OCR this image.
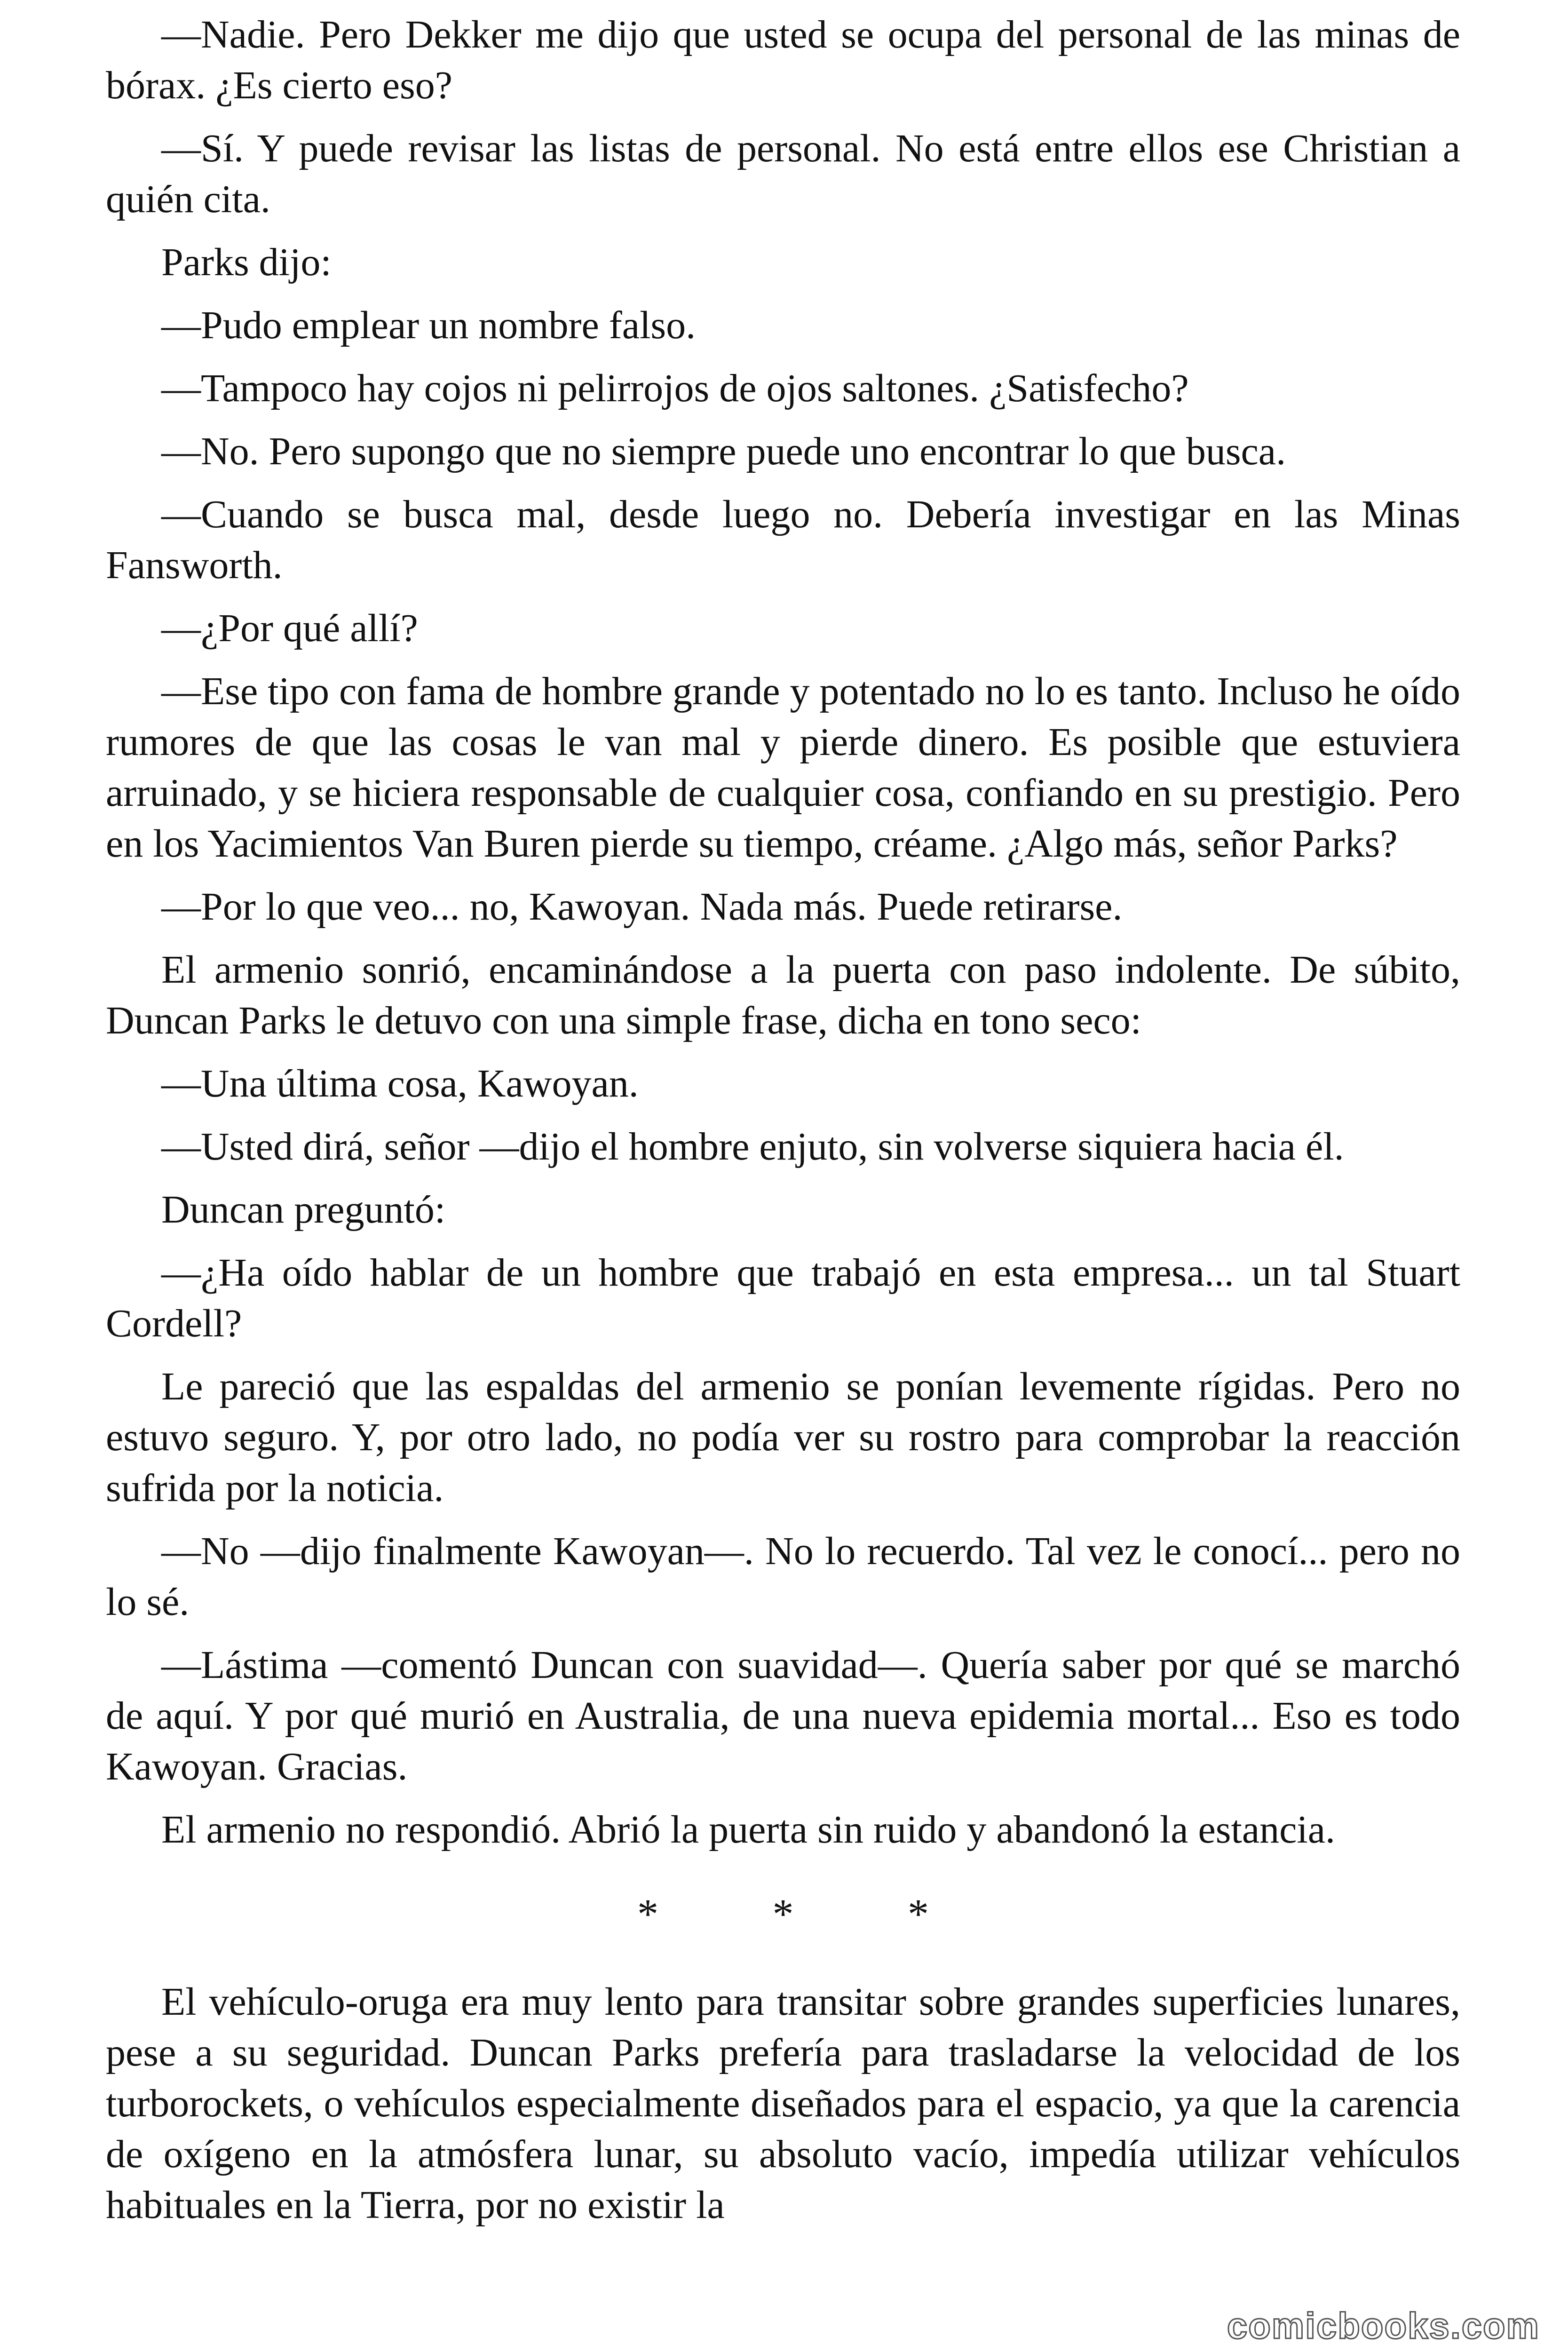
—Nadie. Pero Dekker me dijo que usted se ocupa del personal de las minas de bórax. ¿Es cierto eso?

—Sí. Y puede revisar las listas de personal. No está entre ellos ese Christian a quién cita.

Parks dijo:

—Pudo emplear un nombre falso.

—Tampoco hay cojos ni pelirrojos de ojos saltones. ¿Satisfecho?

—No. Pero supongo que no siempre puede uno encontrar lo que busca.

—Cuando se busca mal, desde luego no. Debería investigar en las Minas Fansworth.

—¿Por qué allí?

—Ese tipo con fama de hombre grande y potentado no lo es tanto. Incluso he oído rumores de que las cosas le van mal y pierde dinero. Es posible que estuviera arruinado, y se hiciera responsable de cualquier cosa, confiando en su prestigio. Pero en los Yacimientos Van Buren pierde su tiempo, créame. ¿Algo más, señor Parks?

—Por lo que veo... no, Kawoyan. Nada más. Puede retirarse.

El armenio sonrió, encaminándose a la puerta con paso indolente. De súbito, Duncan Parks le detuvo con una simple frase, dicha en tono seco:

—Una última cosa, Kawoyan.

—Usted dirá, señor —dijo el hombre enjuto, sin volverse siquiera hacia él.

Duncan preguntó:

—¿Ha oído hablar de un hombre que trabajó en esta empresa... un tal Stuart Cordell?

Le pareció que las espaldas del armenio se ponían levemente rígidas. Pero no estuvo seguro. Y, por otro lado, no podía ver su rostro para comprobar la reacción sufrida por la noticia.

—No —dijo finalmente Kawoyan—. No lo recuerdo. Tal vez le conocí... pero no lo sé.

—Lástima —comentó Duncan con suavidad—. Quería saber por qué se marchó de aquí. Y por qué murió en Australia, de una nueva epidemia mortal... Eso es todo Kawoyan. Gracias.

El armenio no respondió. Abrió la puerta sin ruido y abandonó la estancia.

* * *

El vehículo-oruga era muy lento para transitar sobre grandes superficies lunares, pese a su seguridad. Duncan Parks prefería para trasladarse la velocidad de los turborockets, o vehículos especialmente diseñados para el espacio, ya que la carencia de oxígeno en la atmósfera lunar, su absoluto vacío, impedía utilizar vehículos habituales en la Tierra, por no existir la

comicbooks.com
